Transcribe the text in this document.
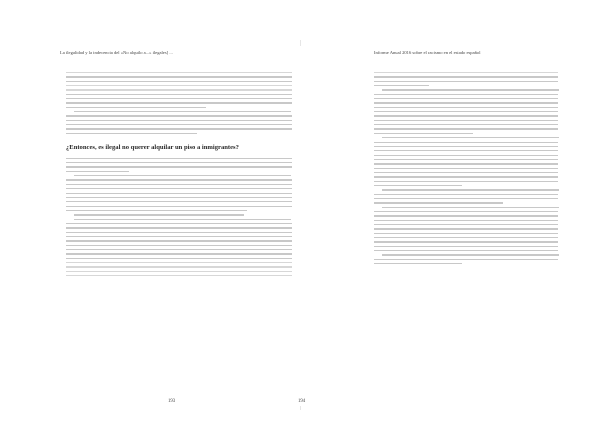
La ilegalidad y la indecencia del «No alquilo a...» ilegales] ...
¿Entonces, es ilegal no querer alquilar un piso a inmigrantes?
193
Informe Anual 2016 sobre el racismo en el estado español
194
